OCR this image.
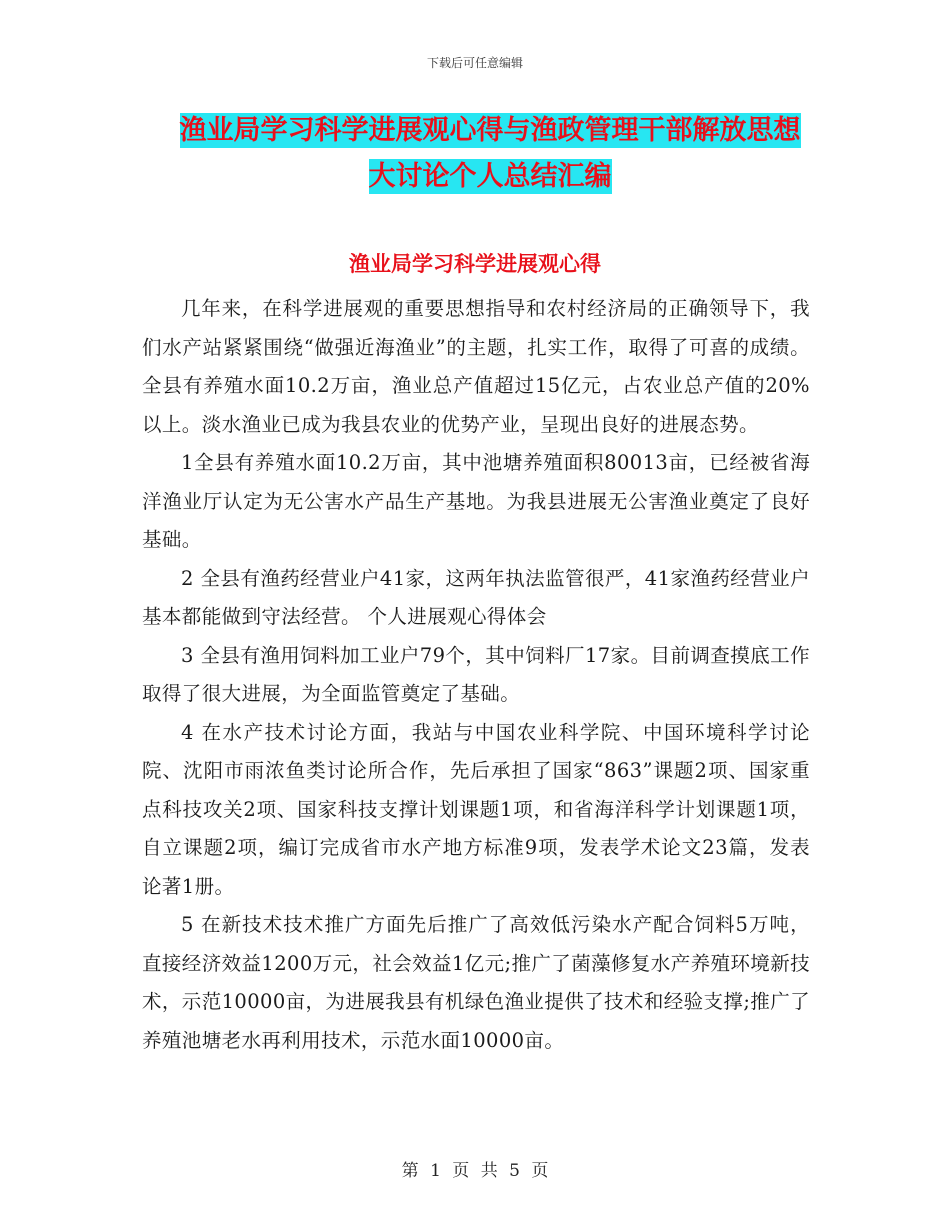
下载后可任意编辑
渔业局学习科学进展观心得与渔政管理干部解放思想
大讨论个人总结汇编
渔业局学习科学进展观心得

几年来，在科学进展观的重要思想指导和农村经济局的正确领导下，我们水产站紧紧围绕“做强近海渔业”的主题，扎实工作，取得了可喜的成绩。全县有养殖水面10.2万亩，渔业总产值超过15亿元，占农业总产值的20%以上。淡水渔业已成为我县农业的优势产业，呈现出良好的进展态势。

1全县有养殖水面10.2万亩，其中池塘养殖面积80013亩，已经被省海洋渔业厅认定为无公害水产品生产基地。为我县进展无公害渔业奠定了良好基础。

2 全县有渔药经营业户41家，这两年执法监管很严，41家渔药经营业户基本都能做到守法经营。 个人进展观心得体会

3 全县有渔用饲料加工业户79个，其中饲料厂17家。目前调查摸底工作取得了很大进展，为全面监管奠定了基础。

4 在水产技术讨论方面，我站与中国农业科学院、中国环境科学讨论院、沈阳市雨浓鱼类讨论所合作，先后承担了国家“863”课题2项、国家重点科技攻关2项、国家科技支撑计划课题1项，和省海洋科学计划课题1项，自立课题2项，编订完成省市水产地方标准9项，发表学术论文23篇，发表论著1册。

5 在新技术技术推广方面先后推广了高效低污染水产配合饲料5万吨，直接经济效益1200万元，社会效益1亿元;推广了菌藻修复水产养殖环境新技术，示范10000亩，为进展我县有机绿色渔业提供了技术和经验支撑;推广了养殖池塘老水再利用技术，示范水面10000亩。

第 1 页 共 5 页
